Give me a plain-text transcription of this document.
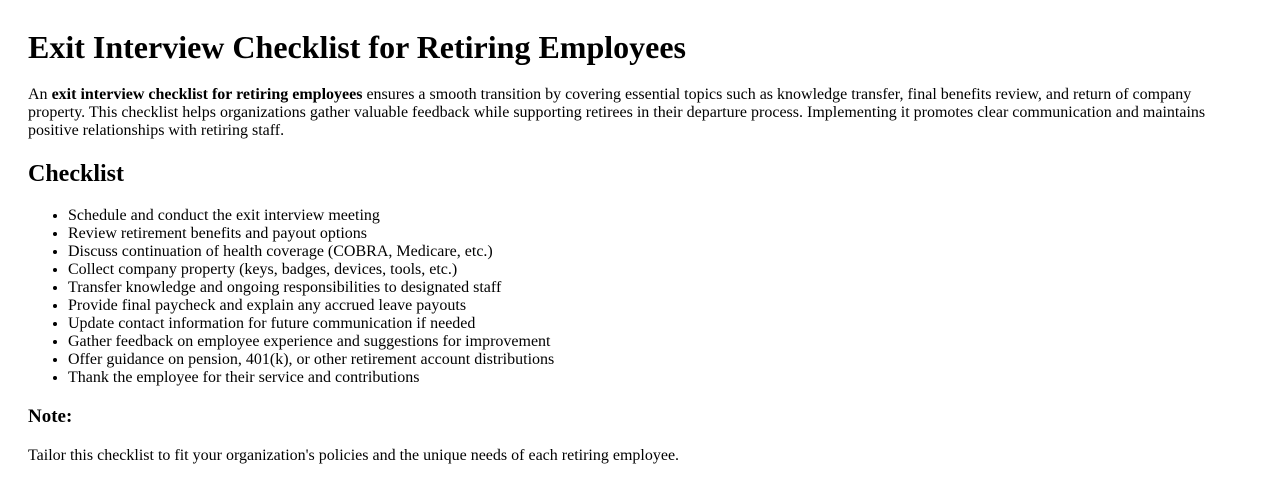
Exit Interview Checklist for Retiring Employees

An exit interview checklist for retiring employees ensures a smooth transition by covering essential topics such as knowledge transfer, final benefits review, and return of company property. This checklist helps organizations gather valuable feedback while supporting retirees in their departure process. Implementing it promotes clear communication and maintains positive relationships with retiring staff.

Checklist
• Schedule and conduct the exit interview meeting
• Review retirement benefits and payout options
• Discuss continuation of health coverage (COBRA, Medicare, etc.)
• Collect company property (keys, badges, devices, tools, etc.)
• Transfer knowledge and ongoing responsibilities to designated staff
• Provide final paycheck and explain any accrued leave payouts
• Update contact information for future communication if needed
• Gather feedback on employee experience and suggestions for improvement
• Offer guidance on pension, 401(k), or other retirement account distributions
• Thank the employee for their service and contributions
Note:

Tailor this checklist to fit your organization's policies and the unique needs of each retiring employee.
